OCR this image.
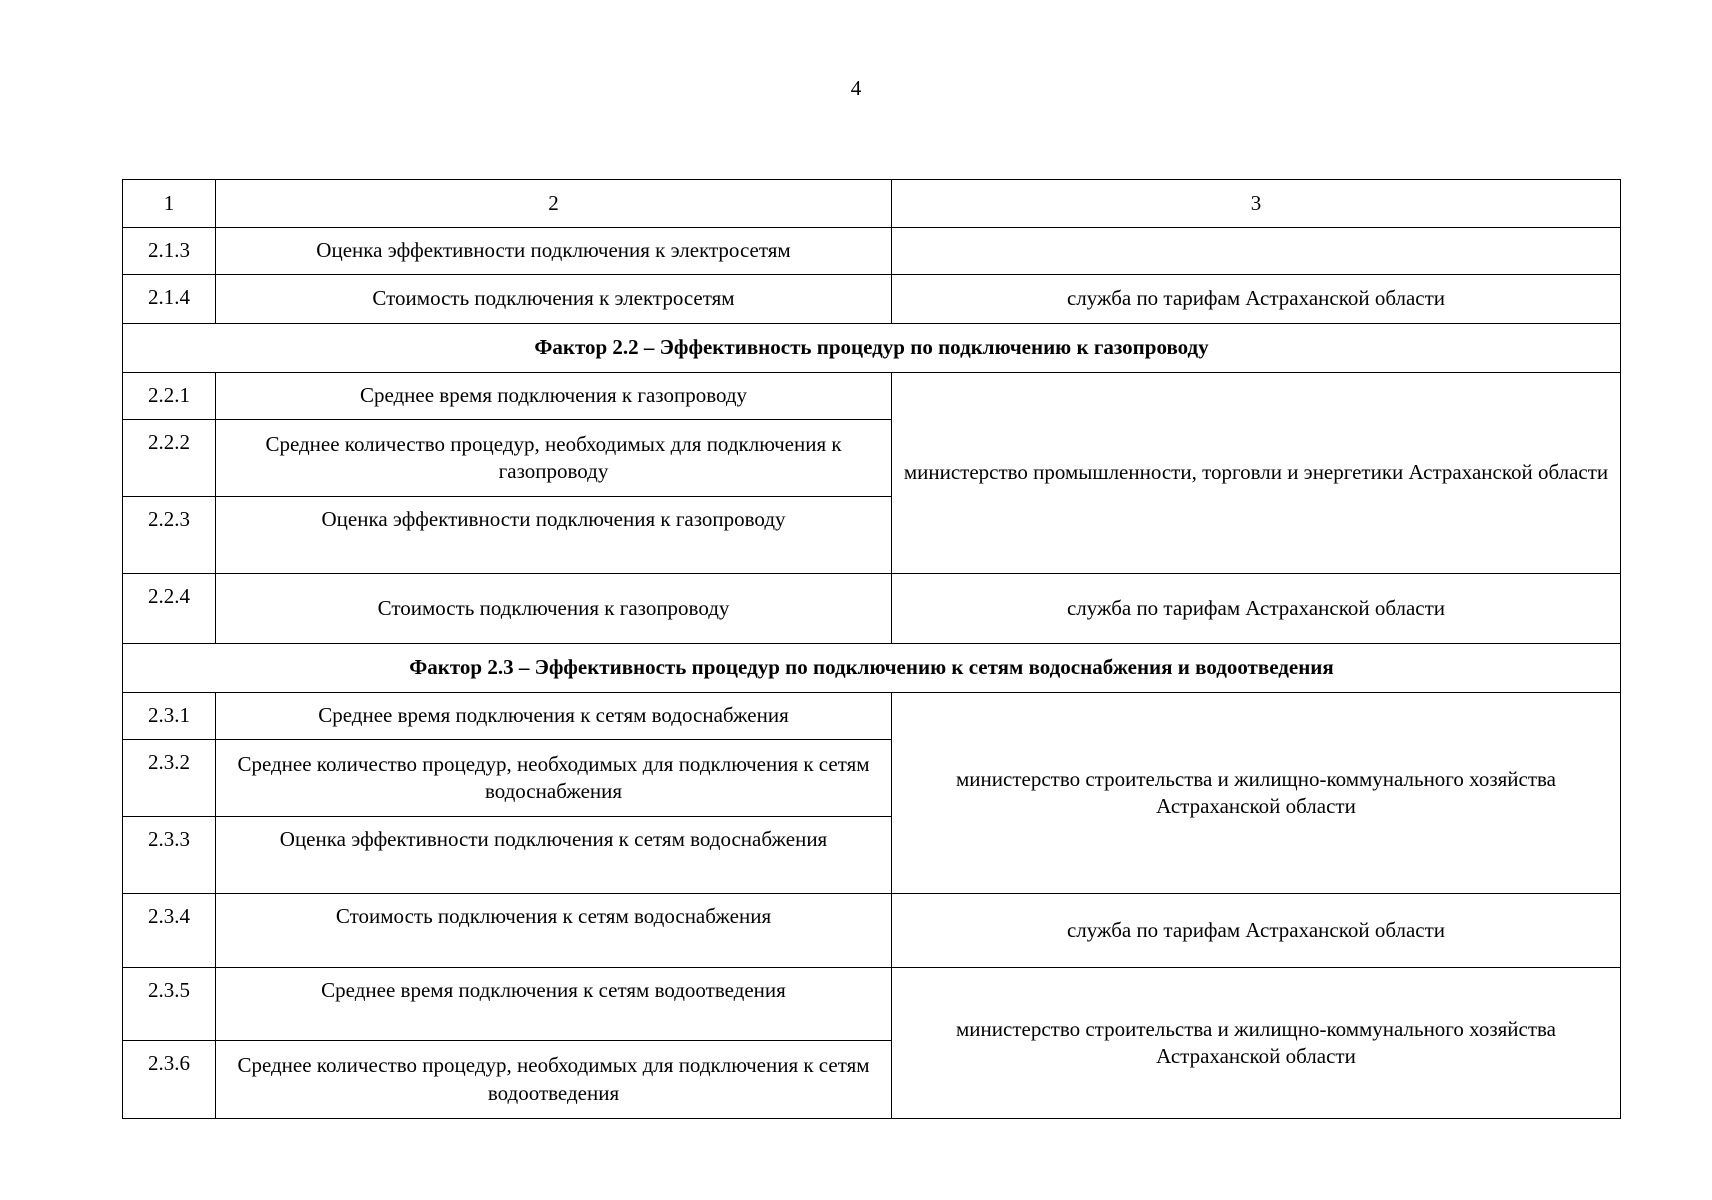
4
1	2	3
2.1.3	Оценка эффективности подключения к электросетям	
2.1.4	Стоимость подключения к электросетям	служба по тарифам Астраханской области
Фактор 2.2 – Эффективность процедур по подключению к газопроводу		
2.2.1	Среднее время подключения к газопроводу	министерство промышленности, торговли и энергетики Астраханской области
2.2.2	Среднее количество процедур, необходимых для подключения к газопроводу	
2.2.3	Оценка эффективности подключения к газопроводу	
2.2.4	Стоимость подключения к газопроводу	служба по тарифам Астраханской области
Фактор 2.3 – Эффективность процедур по подключению к сетям водоснабжения и водоотведения		
2.3.1	Среднее время подключения к сетям водоснабжения	министерство строительства и жилищно-коммунального хозяйства Астраханской области
2.3.2	Среднее количество процедур, необходимых для подключения к сетям водоснабжения	
2.3.3	Оценка эффективности подключения к сетям водоснабжения	
2.3.4	Стоимость подключения к сетям водоснабжения	служба по тарифам Астраханской области
2.3.5	Среднее время подключения к сетям водоотведения	министерство строительства и жилищно-коммунального хозяйства Астраханской области
2.3.6	Среднее количество процедур, необходимых для подключения к сетям водоотведения	
